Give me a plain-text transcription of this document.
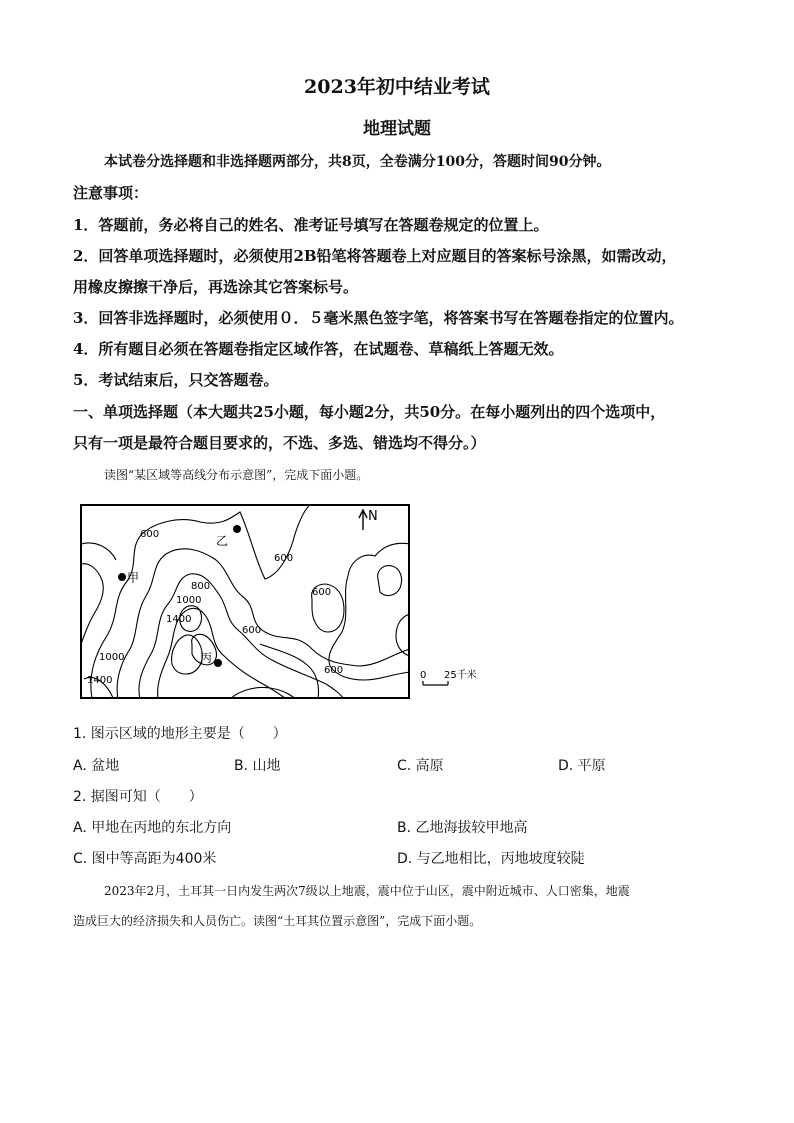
2023年初中结业考试
地理试题
本试卷分选择题和非选择题两部分，共8页，全卷满分100分，答题时间90分钟。
注意事项：
1．答题前，务必将自己的姓名、准考证号填写在答题卷规定的位置上。
2．回答单项选择题时，必须使用2B铅笔将答题卷上对应题目的答案标号涂黑，如需改动，
用橡皮擦擦干净后，再选涂其它答案标号。
3．回答非选择题时，必须使用０．５毫米黑色签字笔，将答案书写在答题卷指定的位置内。
4．所有题目必须在答题卷指定区域作答，在试题卷、草稿纸上答题无效。
5．考试结束后，只交答题卷。
一、单项选择题（本大题共25小题，每小题2分，共50分。在每小题列出的四个选项中，
只有一项是最符合题目要求的，不选、多选、错选均不得分。）
读图“某区域等高线分布示意图”，完成下面小题。
N
甲
乙
丙
600
600
600
600
600
800
1000
1000
1400
1400	0 25千米
1. 图示区域的地形主要是（　　）
A. 盆地	B. 山地	C. 高原	D. 平原
2. 据图可知（　　）
A. 甲地在丙地的东北方向	B. 乙地海拔较甲地高
C. 图中等高距为400米	D. 与乙地相比，丙地坡度较陡
2023年2月，土耳其一日内发生两次7级以上地震，震中位于山区，震中附近城市、人口密集，地震
造成巨大的经济损失和人员伤亡。读图“土耳其位置示意图”，完成下面小题。
